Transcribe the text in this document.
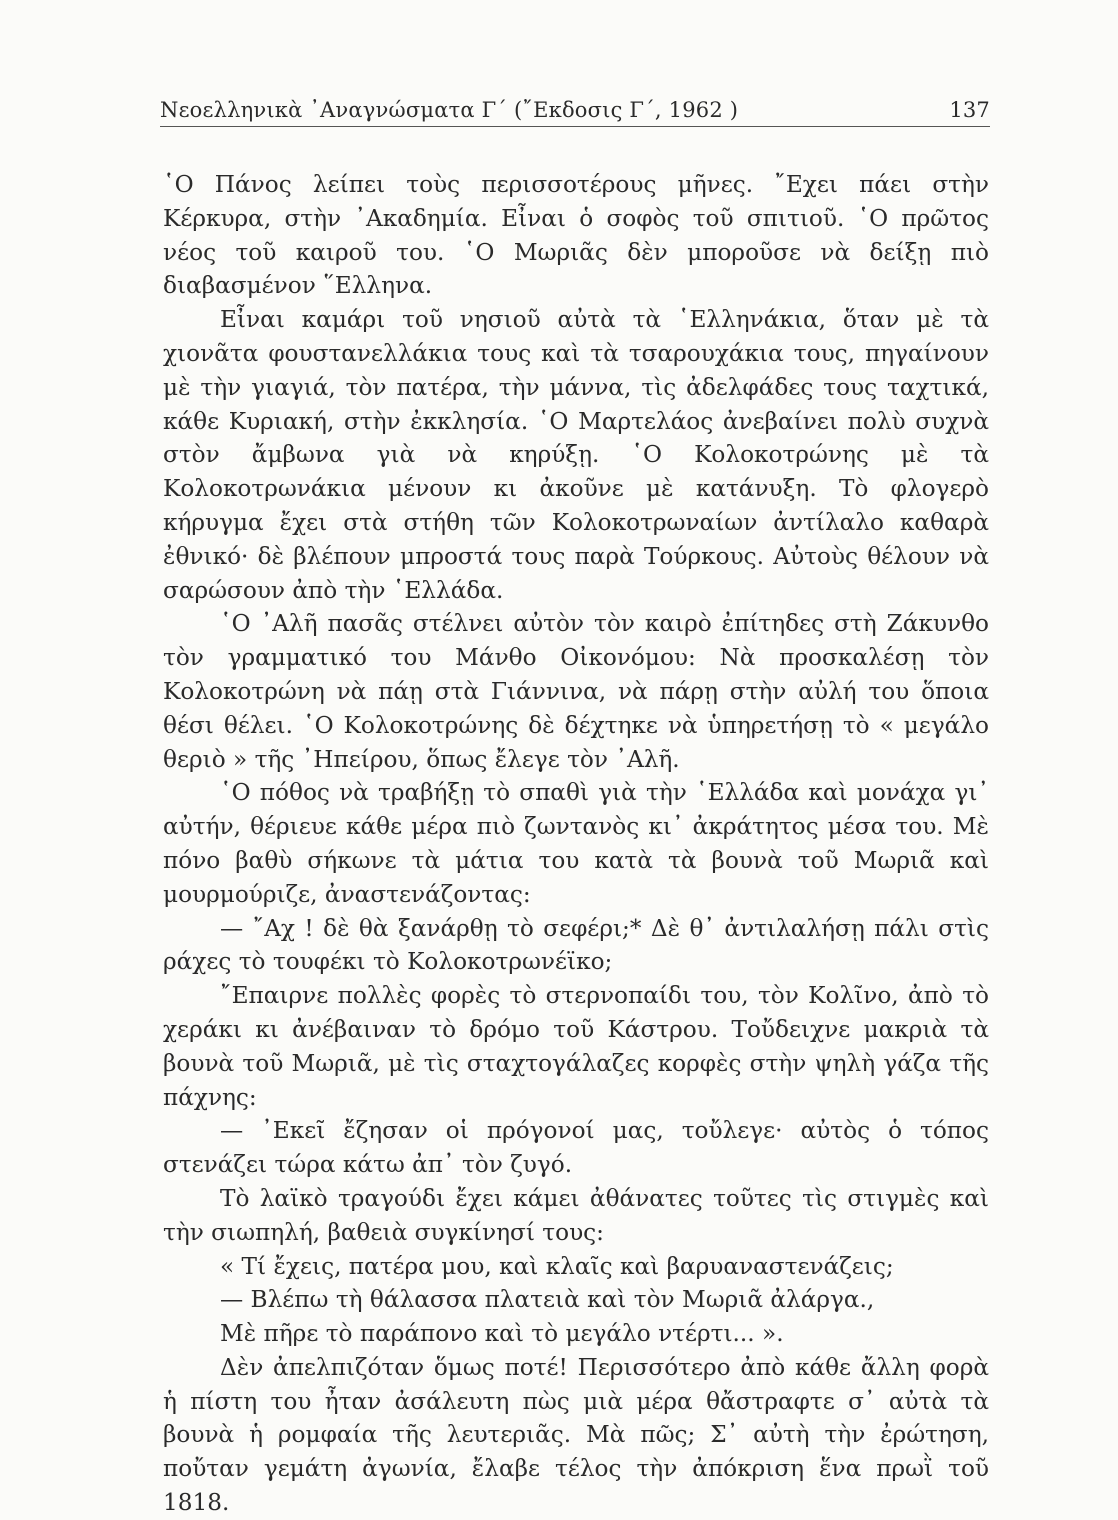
Νεοελληνικὰ ᾿Αναγνώσματα Γ΄ (῎Εκδοσις Γ΄, 1962 )	137

῾Ο Πάνος λείπει τοὺς περισσοτέρους μῆνες. ῎Εχει πάει στὴν Κέρκυρα, στὴν ᾿Ακαδημία. Εἶναι ὁ σοφὸς τοῦ σπιτιοῦ. ῾Ο πρῶτος νέος τοῦ καιροῦ του. ῾Ο Μωριᾶς δὲν μποροῦσε νὰ δείξῃ πιὸ διαβασμένον ῞Ελληνα.

Εἶναι καμάρι τοῦ νησιοῦ αὐτὰ τὰ ῾Ελληνάκια, ὅταν μὲ τὰ χιονᾶτα φουστανελλάκια τους καὶ τὰ τσαρουχάκια τους, πηγαίνουν μὲ τὴν γιαγιά, τὸν πατέρα, τὴν μάννα, τὶς ἀδελφάδες τους ταχτικά, κάθε Κυριακή, στὴν ἐκκλησία. ῾Ο Μαρτελάος ἀνεβαίνει πολὺ συχνὰ στὸν ἄμβωνα γιὰ νὰ κηρύξῃ. ῾Ο Κολοκοτρώνης μὲ τὰ Κολοκοτρωνάκια μένουν κι ἀκοῦνε μὲ κατάνυξη. Τὸ φλογερὸ κήρυγμα ἔχει στὰ στήθη τῶν Κολοκοτρωναίων ἀντίλαλο καθαρὰ ἐθνικό· δὲ βλέπουν μπροστά τους παρὰ Τούρκους. Αὐτοὺς θέλουν νὰ σαρώσουν ἀπὸ τὴν ῾Ελλάδα.

῾Ο ᾿Αλῆ πασᾶς στέλνει αὐτὸν τὸν καιρὸ ἐπίτηδες στὴ Ζάκυνθο τὸν γραμματικό του Μάνθο Οἰκονόμου: Νὰ προσκαλέσῃ τὸν Κολοκοτρώνη νὰ πάῃ στὰ Γιάννινα, νὰ πάρῃ στὴν αὐλή του ὅποια θέσι θέλει. ῾Ο Κολοκοτρώνης δὲ δέχτηκε νὰ ὑπηρετήσῃ τὸ « μεγάλο θεριὸ » τῆς ᾿Ηπείρου, ὅπως ἔλεγε τὸν ᾿Αλῆ.

῾Ο πόθος νὰ τραβήξῃ τὸ σπαθὶ γιὰ τὴν ῾Ελλάδα καὶ μονάχα γι᾿ αὐτήν, θέριευε κάθε μέρα πιὸ ζωντανὸς κι᾿ ἀκράτητος μέσα του. Μὲ πόνο βαθὺ σήκωνε τὰ μάτια του κατὰ τὰ βουνὰ τοῦ Μωριᾶ καὶ μουρμούριζε, ἀναστενάζοντας:

— ῎Αχ ! δὲ θὰ ξανάρθῃ τὸ σεφέρι;* Δὲ θ᾿ ἀντιλαλήσῃ πάλι στὶς ράχες τὸ τουφέκι τὸ Κολοκοτρωνέϊκο;

῎Επαιρνε πολλὲς φορὲς τὸ στερνοπαίδι του, τὸν Κολῖνο, ἀπὸ τὸ χεράκι κι ἀνέβαιναν τὸ δρόμο τοῦ Κάστρου. Τοὔδειχνε μακριὰ τὰ βουνὰ τοῦ Μωριᾶ, μὲ τὶς σταχτογάλαζες κορφὲς στὴν ψηλὴ γάζα τῆς πάχνης:

— ᾿Εκεῖ ἔζησαν οἱ πρόγονοί μας, τοὔλεγε· αὐτὸς ὁ τόπος στενάζει τώρα κάτω ἀπ᾿ τὸν ζυγό.

Τὸ λαϊκὸ τραγούδι ἔχει κάμει ἀθάνατες τοῦτες τὶς στιγμὲς καὶ τὴν σιωπηλή, βαθειὰ συγκίνησί τους:

« Τί ἔχεις, πατέρα μου, καὶ κλαῖς καὶ βαρυαναστενάζεις;

— Βλέπω τὴ θάλασσα πλατειὰ καὶ τὸν Μωριᾶ ἀλάργα.,

Μὲ πῆρε τὸ παράπονο καὶ τὸ μεγάλο ντέρτι... ».

Δὲν ἀπελπιζόταν ὅμως ποτέ! Περισσότερο ἀπὸ κάθε ἄλλη φορὰ ἡ πίστη του ἦταν ἀσάλευτη πὼς μιὰ μέρα θἄστραφτε σ᾿ αὐτὰ τὰ βουνὰ ἡ ρομφαία τῆς λευτεριᾶς. Μὰ πῶς; Σ᾿ αὐτὴ τὴν ἐρώτηση, ποὔταν γεμάτη ἀγωνία, ἔλαβε τέλος τὴν ἀπόκριση ἕνα πρωῒ τοῦ 1818.
